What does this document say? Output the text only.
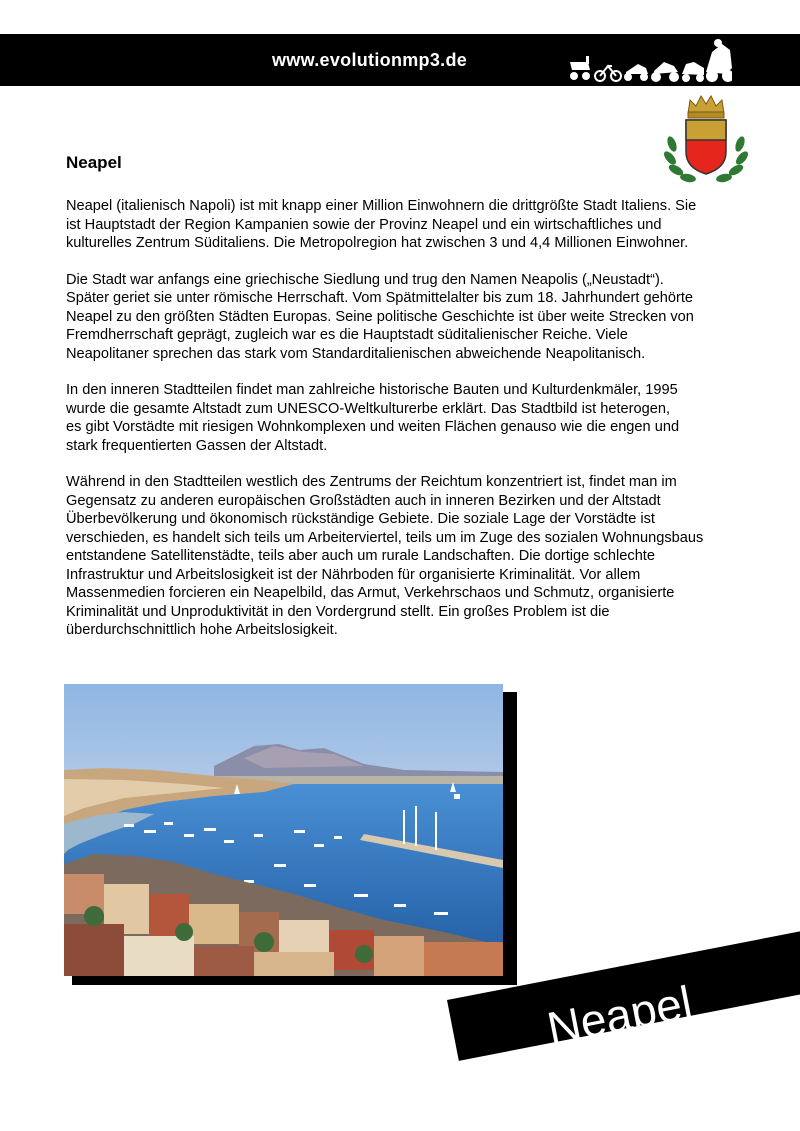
www.evolutionmp3.de
Neapel

Neapel (italienisch Napoli) ist mit knapp einer Million Einwohnern die drittgrößte Stadt Italiens. Sie
ist Hauptstadt der Region Kampanien sowie der Provinz Neapel und ein wirtschaftliches und
kulturelles Zentrum Süditaliens. Die Metropolregion hat zwischen 3 und 4,4 Millionen Einwohner.

Die Stadt war anfangs eine griechische Siedlung und trug den Namen Neapolis („Neustadt“).
Später geriet sie unter römische Herrschaft. Vom Spätmittelalter bis zum 18. Jahrhundert gehörte
Neapel zu den größten Städten Europas. Seine politische Geschichte ist über weite Strecken von
Fremdherrschaft geprägt, zugleich war es die Hauptstadt süditalienischer Reiche. Viele
Neapolitaner sprechen das stark vom Standarditalienischen abweichende Neapolitanisch.

In den inneren Stadtteilen findet man zahlreiche historische Bauten und Kulturdenkmäler, 1995
wurde die gesamte Altstadt zum UNESCO-Weltkulturerbe erklärt. Das Stadtbild ist heterogen,
es gibt Vorstädte mit riesigen Wohnkomplexen und weiten Flächen genauso wie die engen und
stark frequentierten Gassen der Altstadt.

Während in den Stadtteilen westlich des Zentrums der Reichtum konzentriert ist, findet man im
Gegensatz zu anderen europäischen Großstädten auch in inneren Bezirken und der Altstadt
Überbevölkerung und ökonomisch rückständige Gebiete. Die soziale Lage der Vorstädte ist
verschieden, es handelt sich teils um Arbeiterviertel, teils um im Zuge des sozialen Wohnungsbaus
entstandene Satellitenstädte, teils aber auch um rurale Landschaften. Die dortige schlechte
Infrastruktur und Arbeitslosigkeit ist der Nährboden für organisierte Kriminalität. Vor allem
Massenmedien forcieren ein Neapelbild, das Armut, Verkehrschaos und Schmutz, organisierte
Kriminalität und Unproduktivität in den Vordergrund stellt. Ein großes Problem ist die
überdurchschnittlich hohe Arbeitslosigkeit.

Neapel
